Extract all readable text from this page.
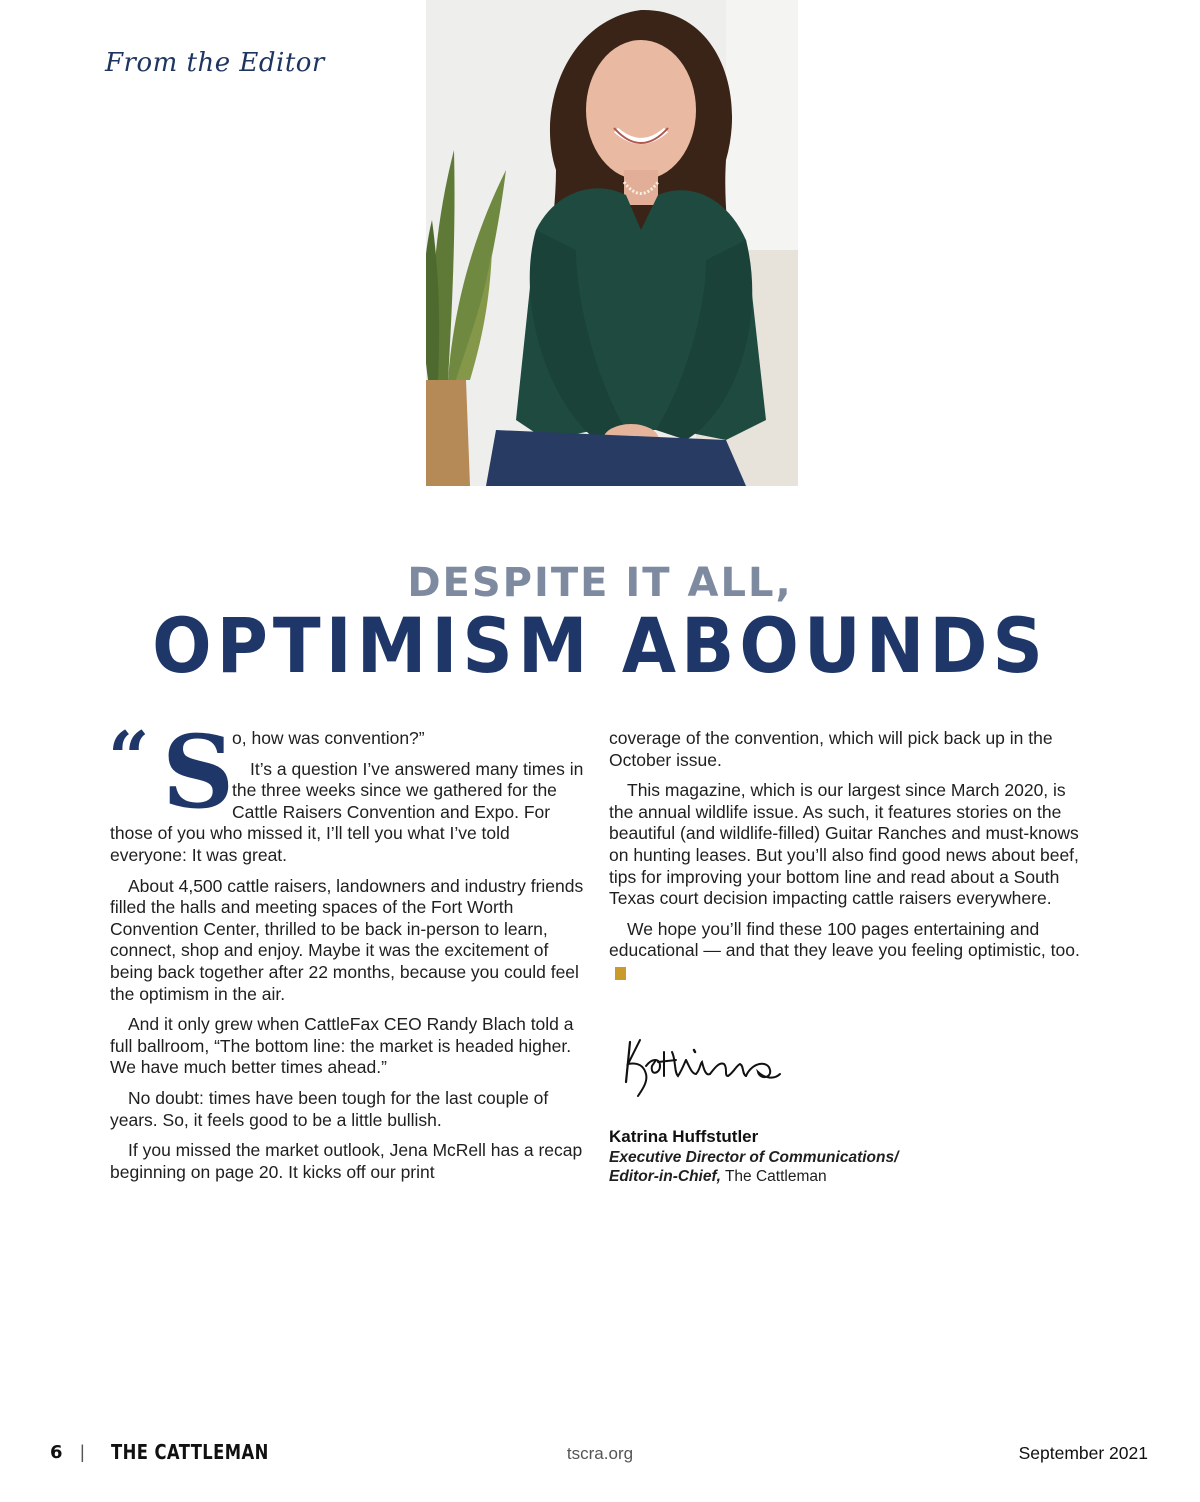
From the Editor
DESPITE IT ALL,
OPTIMISM ABOUNDS
“ S

o, how was convention?”

It’s a question I’ve answered many times in the three weeks since we gathered for the Cattle Raisers Convention and Expo. For those of you who missed it, I’ll tell you what I’ve told everyone: It was great.

About 4,500 cattle raisers, landowners and industry friends filled the halls and meeting spaces of the Fort Worth Convention Center, thrilled to be back in-person to learn, connect, shop and enjoy. Maybe it was the excitement of being back together after 22 months, because you could feel the optimism in the air.

And it only grew when CattleFax CEO Randy Blach told a full ballroom, “The bottom line: the market is headed higher. We have much better times ahead.”

No doubt: times have been tough for the last couple of years. So, it feels good to be a little bullish.

If you missed the market outlook, Jena McRell has a recap beginning on page 20. It kicks off our print

coverage of the convention, which will pick back up in the October issue.

This magazine, which is our largest since March 2020, is the annual wildlife issue. As such, it features stories on the beautiful (and wildlife-filled) Guitar Ranches and must-knows on hunting leases. But you’ll also find good news about beef, tips for improving your bottom line and read about a South Texas court decision impacting cattle raisers everywhere.

We hope you’ll find these 100 pages entertaining and educational — and that they leave you feeling optimistic, too.C

Katrina Huffstutler
Executive Director of Communications/
Editor-in-Chief, The Cattleman
6 | THE CATTLEMAN	tscra.org	September 2021
